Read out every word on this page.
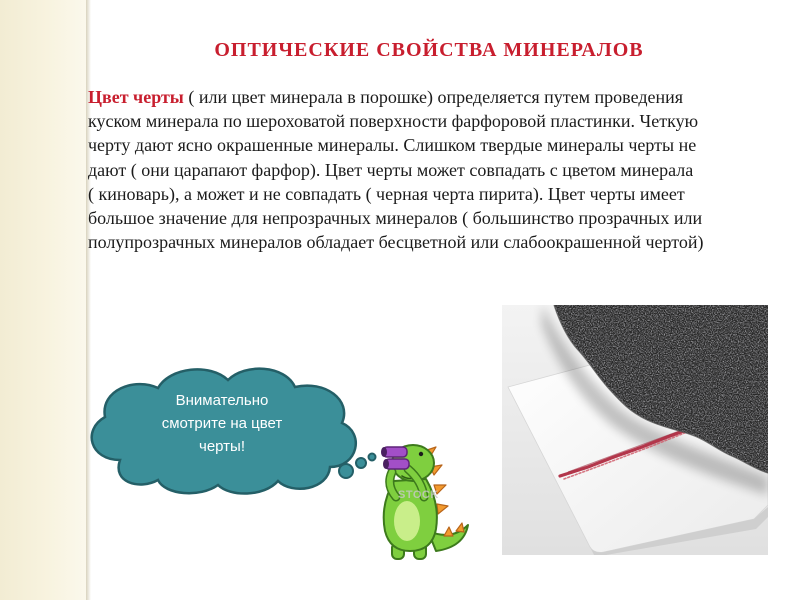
ОПТИЧЕСКИЕ СВОЙСТВА МИНЕРАЛОВ
Цвет черты ( или цвет минерала в порошке) определяется путем проведения
куском минерала по шероховатой поверхности фарфоровой пластинки. Четкую
черту дают ясно окрашенные минералы. Слишком твердые минералы черты не
дают ( они царапают фарфор). Цвет черты может совпадать с цветом минерала
( киноварь), а может и не совпадать ( черная черта пирита). Цвет черты имеет
большое значение для непрозрачных минералов ( большинство прозрачных или
полупрозрачных минералов обладает бесцветной или слабоокрашенной чертой)
Внимательно
смотрите на цвет
черты!
STOCK
